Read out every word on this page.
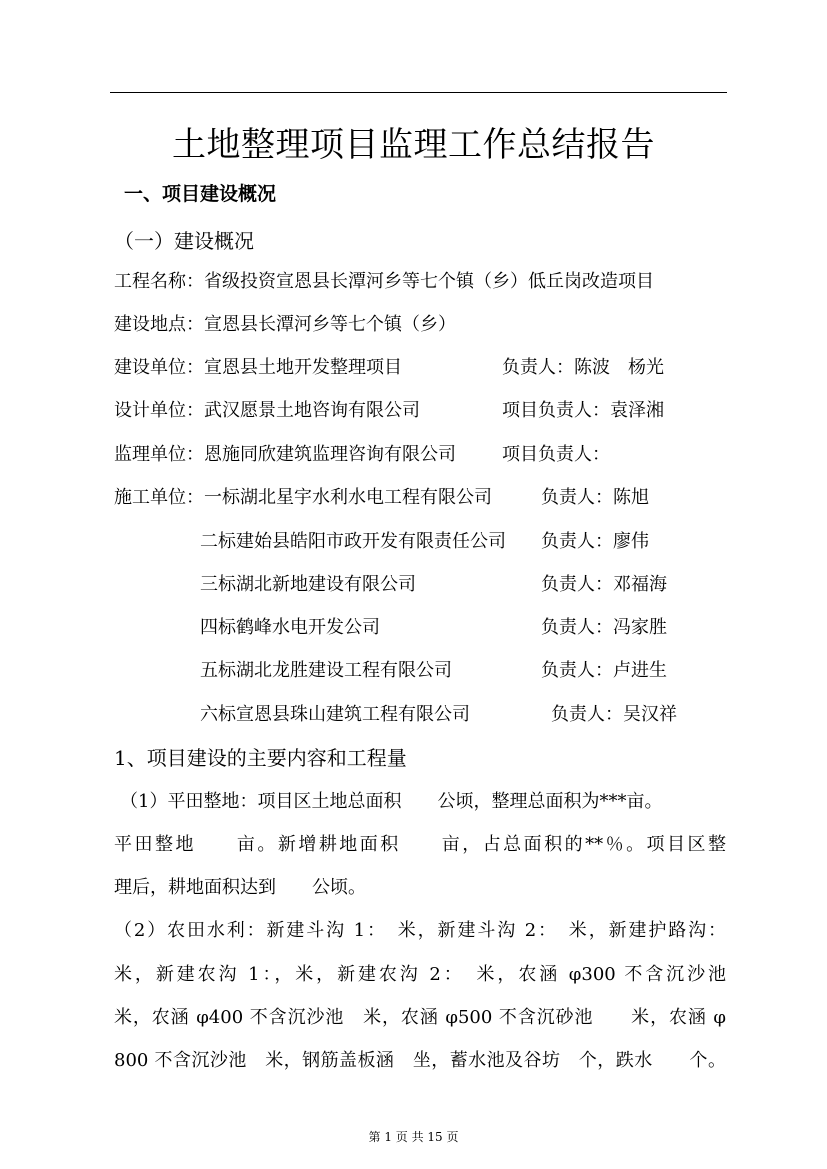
土地整理项目监理工作总结报告
一、项目建设概况
（一）建设概况
工程名称：省级投资宣恩县长潭河乡等七个镇（乡）低丘岗改造项目
建设地点：宣恩县长潭河乡等七个镇（乡）
建设单位：宣恩县土地开发整理项目	负责人：陈波　杨光
设计单位：武汉愿景土地咨询有限公司	项目负责人：袁泽湘
监理单位：恩施同欣建筑监理咨询有限公司	项目负责人：
施工单位：一标湖北星宇水利水电工程有限公司	负责人：陈旭
二标建始县皓阳市政开发有限责任公司 负责人：廖伟
三标湖北新地建设有限公司	负责人：邓福海
四标鹤峰水电开发公司	负责人：冯家胜
五标湖北龙胜建设工程有限公司	负责人：卢进生
六标宣恩县珠山建筑工程有限公司	负责人：吴汉祥
1、项目建设的主要内容和工程量
（1）平田整地：项目区土地总面积　　公顷，整理总面积为***亩。
平田整地　　亩。新增耕地面积　　亩，占总面积的**％。项目区整
理后，耕地面积达到　　公顷。
（2）农田水利：新建斗沟 1：　米，新建斗沟 2：　米，新建护路沟：
米，新建农沟 1：，米，新建农沟 2：　米，农涵 φ300 不含沉沙池
米，农涵 φ400 不含沉沙池　米，农涵 φ500 不含沉砂池　　米，农涵 φ
800 不含沉沙池　米，钢筋盖板涵　坐，蓄水池及谷坊　个，跌水　　个。
第 1 页 共 15 页
